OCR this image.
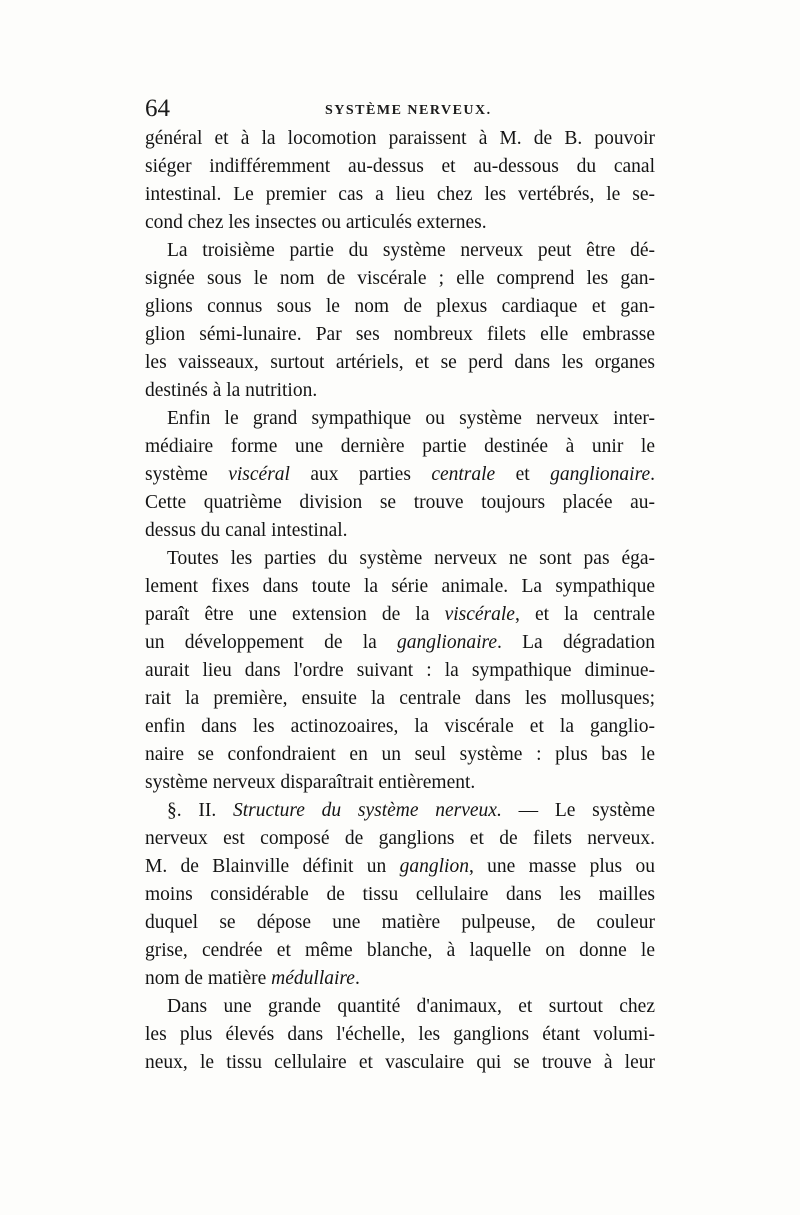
64	SYSTÈME NERVEUX.
général et à la locomotion paraissent à M. de B. pouvoir
siéger indifféremment au-dessus et au-dessous du canal
intestinal. Le premier cas a lieu chez les vertébrés, le se-
cond chez les insectes ou articulés externes.
La troisième partie du système nerveux peut être dé-
signée sous le nom de viscérale ; elle comprend les gan-
glions connus sous le nom de plexus cardiaque et gan-
glion sémi-lunaire. Par ses nombreux filets elle embrasse
les vaisseaux, surtout artériels, et se perd dans les organes
destinés à la nutrition.
Enfin le grand sympathique ou système nerveux inter-
médiaire forme une dernière partie destinée à unir le
système viscéral aux parties centrale et ganglionaire.
Cette quatrième division se trouve toujours placée au-
dessus du canal intestinal.
Toutes les parties du système nerveux ne sont pas éga-
lement fixes dans toute la série animale. La sympathique
paraît être une extension de la viscérale, et la centrale
un développement de la ganglionaire. La dégradation
aurait lieu dans l'ordre suivant : la sympathique diminue-
rait la première, ensuite la centrale dans les mollusques;
enfin dans les actinozoaires, la viscérale et la ganglio-
naire se confondraient en un seul système : plus bas le
système nerveux disparaîtrait entièrement.
§. II. Structure du système nerveux. — Le système
nerveux est composé de ganglions et de filets nerveux.
M. de Blainville définit un ganglion, une masse plus ou
moins considérable de tissu cellulaire dans les mailles
duquel se dépose une matière pulpeuse, de couleur
grise, cendrée et même blanche, à laquelle on donne le
nom de matière médullaire.
Dans une grande quantité d'animaux, et surtout chez
les plus élevés dans l'échelle, les ganglions étant volumi-
neux, le tissu cellulaire et vasculaire qui se trouve à leur
